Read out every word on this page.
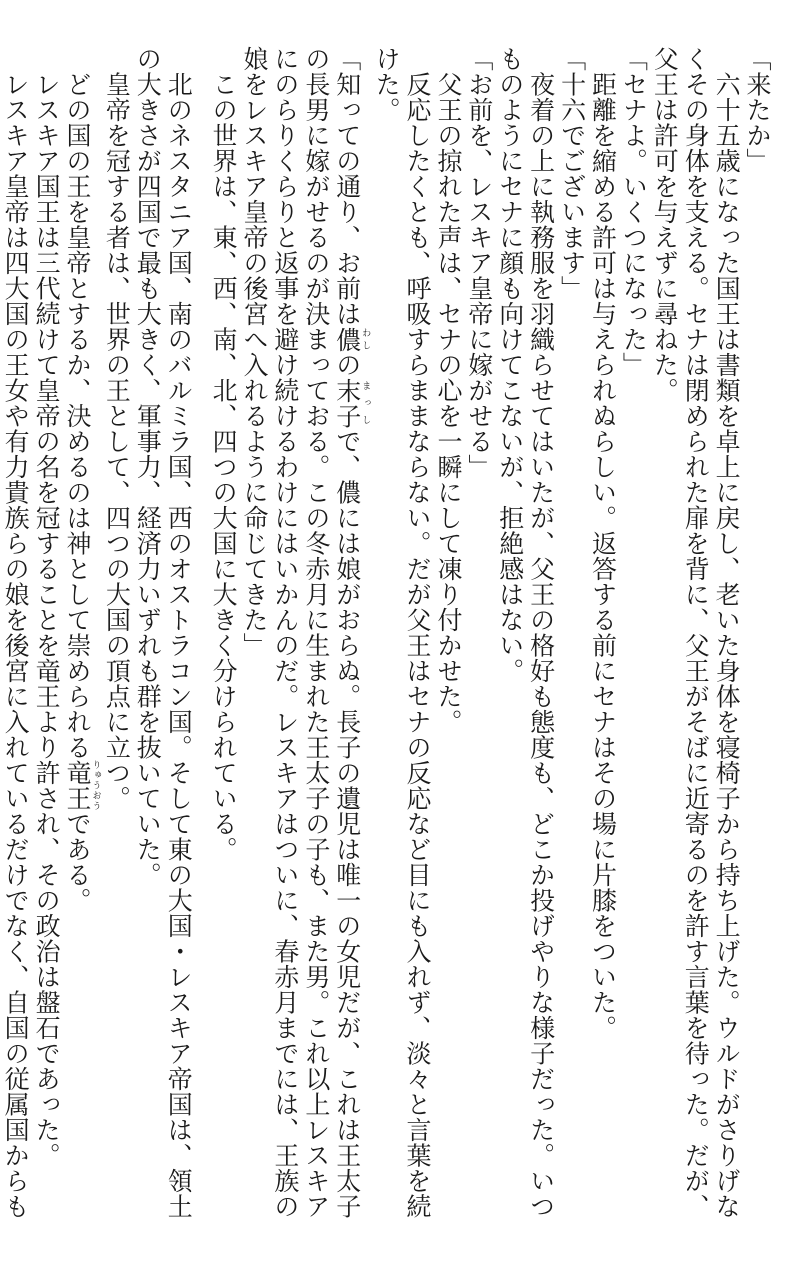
「来たか」
　六十五歳になった国王は書類を卓上に戻し、老いた身体を寝椅子から持ち上げた。ウルドがさりげな
くその身体を支える。セナは閉められた扉を背に、父王がそばに近寄るのを許す言葉を待った。だが、
父王は許可を与えずに尋ねた。
「セナよ。いくつになった」
　距離を縮める許可は与えられぬらしい。返答する前にセナはその場に片膝をついた。
「十六でございます」
　夜着の上に執務服を羽織らせてはいたが、父王の格好も態度も、どこか投げやりな様子だった。いつ
ものようにセナに顔も向けてこないが、拒絶感はない。
「お前を、レスキア皇帝に嫁がせる」
　父王の掠れた声は、セナの心を一瞬にして凍り付かせた。
　反応したくとも、呼吸すらままならない。だが父王はセナの反応など目にも入れず、淡々と言葉を続
けた。
「知っての通り、お前は儂わしの末子まっしで、儂には娘がおらぬ。長子の遺児は唯一の女児だが、これは王太子
の長男に嫁がせるのが決まっておる。この冬赤月に生まれた王太子の子も、また男。これ以上レスキア
にのらりくらりと返事を避け続けるわけにはいかんのだ。レスキアはついに、春赤月までには、王族の
娘をレスキア皇帝の後宮へ入れるように命じてきた」
　この世界は、東、西、南、北、四つの大国に大きく分けられている。
　北のネスタニア国、南のバルミラ国、西のオストラコン国。そして東の大国・レスキア帝国は、領土
の大きさが四国で最も大きく、軍事力、経済力いずれも群を抜いていた。
　皇帝を冠する者は、世界の王として、四つの大国の頂点に立つ。
　どの国の王を皇帝とするか、決めるのは神として崇められる竜王りゅうおうである。
　レスキア国王は三代続けて皇帝の名を冠することを竜王より許され、その政治は盤石であった。
　レスキア皇帝は四大国の王女や有力貴族らの娘を後宮に入れているだけでなく、自国の従属国からも
